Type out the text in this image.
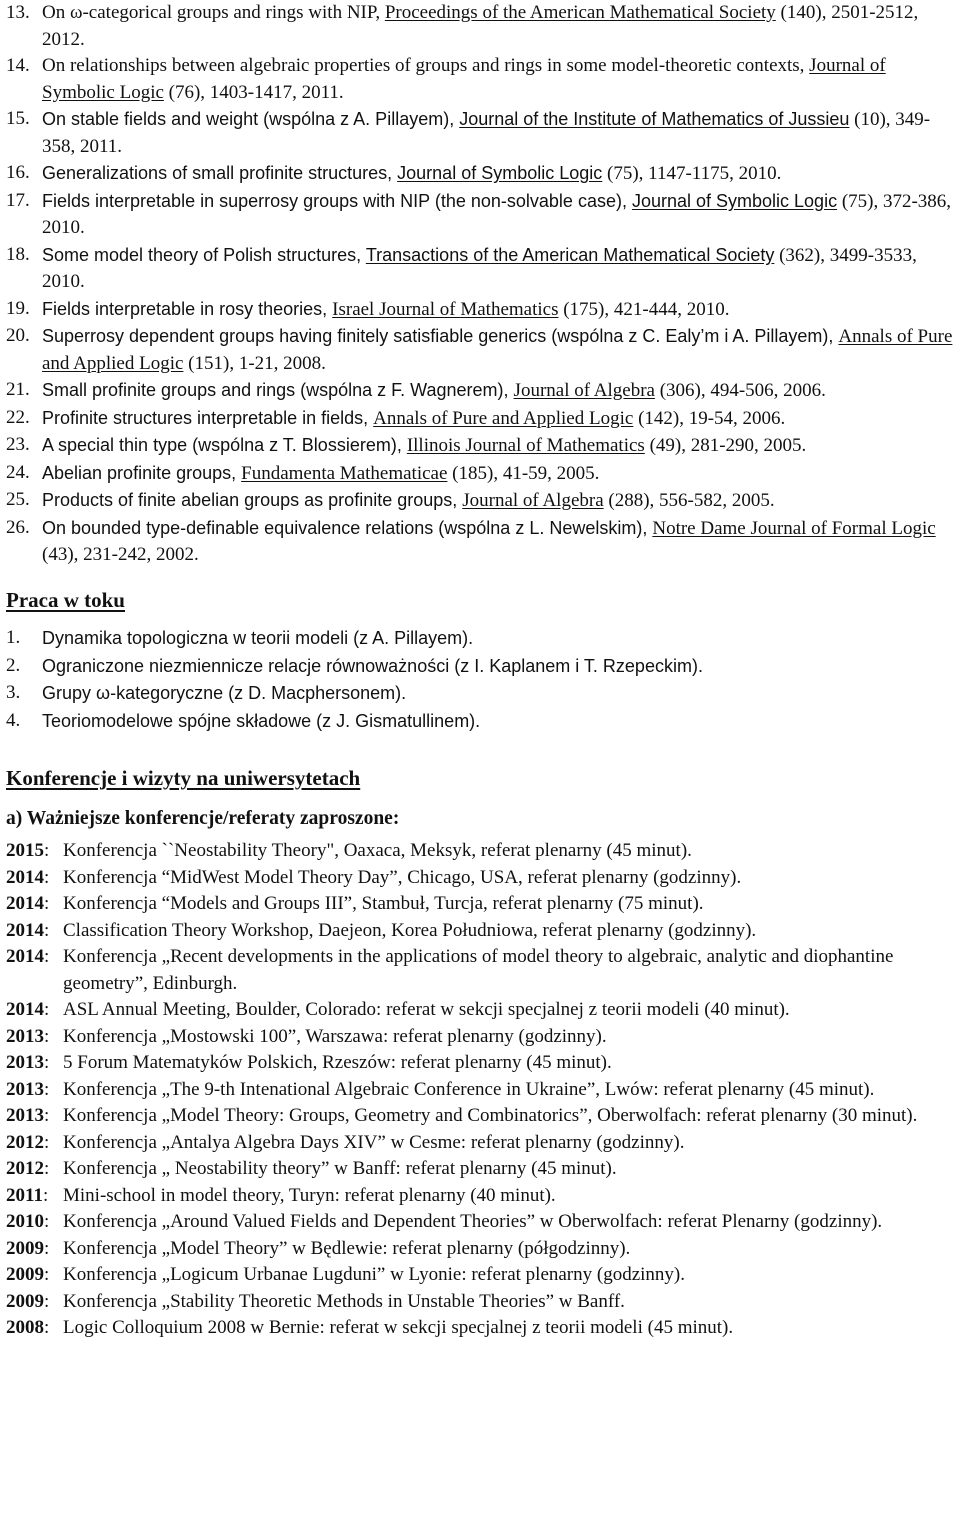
13. On ω-categorical groups and rings with NIP, Proceedings of the American Mathematical Society (140), 2501-2512, 2012.
14. On relationships between algebraic properties of groups and rings in some model-theoretic contexts, Journal of Symbolic Logic (76), 1403-1417, 2011.
15. On stable fields and weight (wspólna z A. Pillayem), Journal of the Institute of Mathematics of Jussieu (10), 349-358, 2011.
16. Generalizations of small profinite structures, Journal of Symbolic Logic (75), 1147-1175, 2010.
17. Fields interpretable in superrosy groups with NIP (the non-solvable case), Journal of Symbolic Logic (75), 372-386, 2010.
18. Some model theory of Polish structures, Transactions of the American Mathematical Society (362), 3499-3533, 2010.
19. Fields interpretable in rosy theories, Israel Journal of Mathematics (175), 421-444, 2010.
20. Superrosy dependent groups having finitely satisfiable generics (wspólna z C. Ealy’m i A. Pillayem), Annals of Pure and Applied Logic (151), 1-21, 2008.
21. Small profinite groups and rings (wspólna z F. Wagnerem), Journal of Algebra (306), 494-506, 2006.
22. Profinite structures interpretable in fields, Annals of Pure and Applied Logic (142), 19-54, 2006.
23. A special thin type (wspólna z T. Blossierem), Illinois Journal of Mathematics (49), 281-290, 2005.
24. Abelian profinite groups, Fundamenta Mathematicae (185), 41-59, 2005.
25. Products of finite abelian groups as profinite groups, Journal of Algebra (288), 556-582, 2005.
26. On bounded type-definable equivalence relations (wspólna z L. Newelskim), Notre Dame Journal of Formal Logic (43), 231-242, 2002.
Praca w toku
1. Dynamika topologiczna w teorii modeli (z A. Pillayem).
2. Ograniczone niezmiennicze relacje równoważności (z I. Kaplanem i T. Rzepeckim).
3. Grupy ω-kategoryczne (z D. Macphersonem).
4. Teoriomodelowe spójne składowe (z J. Gismatullinem).
Konferencje i wizyty na uniwersytetach
a) Ważniejsze konferencje/referaty zaproszone:
2015: Konferencja ``Neostability Theory", Oaxaca, Meksyk, referat plenarny (45 minut).
2014: Konferencja “MidWest Model Theory Day”, Chicago, USA, referat plenarny (godzinny).
2014: Konferencja “Models and Groups III”, Stambuł, Turcja, referat plenarny (75 minut).
2014: Classification Theory Workshop, Daejeon, Korea Południowa, referat plenarny (godzinny).
2014: Konferencja „Recent developments in the applications of model theory to algebraic, analytic and diophantine geometry”, Edinburgh.
2014: ASL Annual Meeting, Boulder, Colorado: referat w sekcji specjalnej z teorii modeli (40 minut).
2013: Konferencja „Mostowski 100”, Warszawa: referat plenarny (godzinny).
2013: 5 Forum Matematyków Polskich, Rzeszów: referat plenarny (45 minut).
2013: Konferencja „The 9-th Intenational Algebraic Conference in Ukraine”, Lwów: referat plenarny (45 minut).
2013: Konferencja „Model Theory: Groups, Geometry and Combinatorics”, Oberwolfach: referat plenarny (30 minut).
2012: Konferencja „Antalya Algebra Days XIV” w Cesme: referat plenarny (godzinny).
2012: Konferencja „ Neostability theory” w Banff: referat plenarny (45 minut).
2011: Mini-school in model theory, Turyn: referat plenarny (40 minut).
2010: Konferencja „Around Valued Fields and Dependent Theories” w Oberwolfach: referat Plenarny (godzinny).
2009: Konferencja „Model Theory” w Będlewie: referat plenarny (półgodzinny).
2009: Konferencja „Logicum Urbanae Lugduni” w Lyonie: referat plenarny (godzinny).
2009: Konferencja „Stability Theoretic Methods in Unstable Theories” w Banff.
2008: Logic Colloquium 2008 w Bernie: referat w sekcji specjalnej z teorii modeli (45 minut).
